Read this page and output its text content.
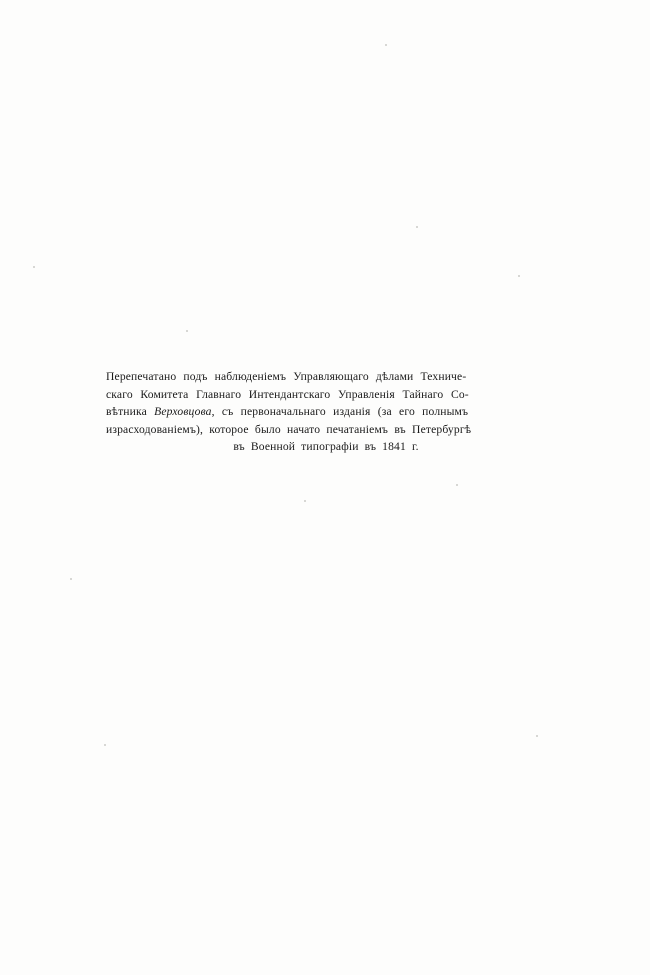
Перепечатано подъ наблюденіемъ Управляющаго дѣлами Техниче-
скаго Комитета Главнаго Интендантскаго Управленія Тайнаго Со-
вѣтника Верховцова, съ первоначальнаго изданія (за его полнымъ
израсходованіемъ), которое было начато печатаніемъ въ Петербургѣ
въ Военной типографіи въ 1841 г.
